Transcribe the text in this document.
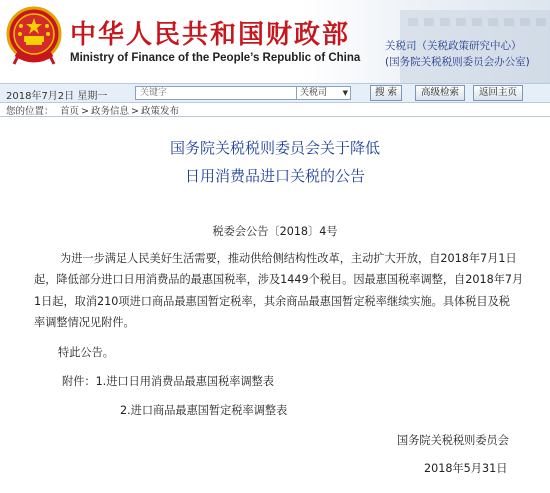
中华人民共和国财政部
Ministry of Finance of the People’s Republic of China
关税司（关税政策研究中心）
(国务院关税税则委员会办公室)
2018年7月2日 星期一
关键字	关税司 ▼	搜 索	高级检索	返回主页
您的位置： 首页 > 政务信息 > 政策发布
国务院关税税则委员会关于降低
日用消费品进口关税的公告
税委会公告〔2018〕4号
为进一步满足人民美好生活需要，推动供给侧结构性改革，主动扩大开放，自2018年7月1日
起，降低部分进口日用消费品的最惠国税率，涉及1449个税目。因最惠国税率调整，自2018年7月
1日起，取消210项进口商品最惠国暂定税率，其余商品最惠国暂定税率继续实施。具体税目及税
率调整情况见附件。
特此公告。
附件：1.进口日用消费品最惠国税率调整表
2.进口商品最惠国暂定税率调整表
国务院关税税则委员会
2018年5月31日
